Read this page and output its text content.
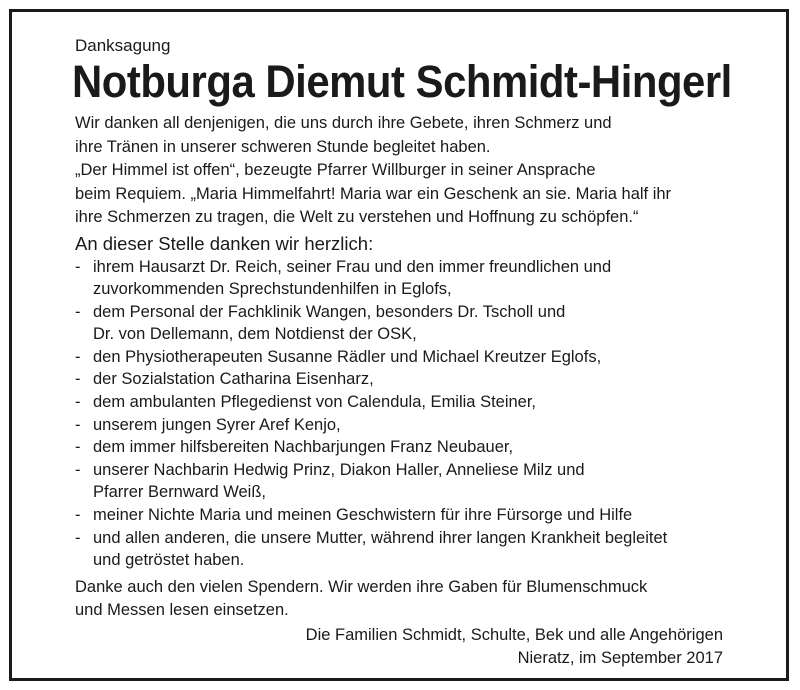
Danksagung

Notburga Diemut Schmidt-Hingerl
Wir danken all denjenigen, die uns durch ihre Gebete, ihren Schmerz und
ihre Tränen in unserer schweren Stunde begleitet haben.
„Der Himmel ist offen“, bezeugte Pfarrer Willburger in seiner Ansprache
beim Requiem. „Maria Himmelfahrt! Maria war ein Geschenk an sie. Maria half ihr
ihre Schmerzen zu tragen, die Welt zu verstehen und Hoffnung zu schöpfen.“

An dieser Stelle danken wir herzlich:

- ihrem Hausarzt Dr. Reich, seiner Frau und den immer freundlichen und
zuvorkommenden Sprechstundenhilfen in Eglofs,
- dem Personal der Fachklinik Wangen, besonders Dr. Tscholl und
Dr. von Dellemann, dem Notdienst der OSK,
- den Physiotherapeuten Susanne Rädler und Michael Kreutzer Eglofs,
- der Sozialstation Catharina Eisenharz,
- dem ambulanten Pflegedienst von Calendula, Emilia Steiner,
- unserem jungen Syrer Aref Kenjo,
- dem immer hilfsbereiten Nachbarjungen Franz Neubauer,
- unserer Nachbarin Hedwig Prinz, Diakon Haller, Anneliese Milz und
Pfarrer Bernward Weiß,
- meiner Nichte Maria und meinen Geschwistern für ihre Fürsorge und Hilfe
- und allen anderen, die unsere Mutter, während ihrer langen Krankheit begleitet
und getröstet haben.
Danke auch den vielen Spendern. Wir werden ihre Gaben für Blumenschmuck
und Messen lesen einsetzen.
Die Familien Schmidt, Schulte, Bek und alle Angehörigen
Nieratz, im September 2017
